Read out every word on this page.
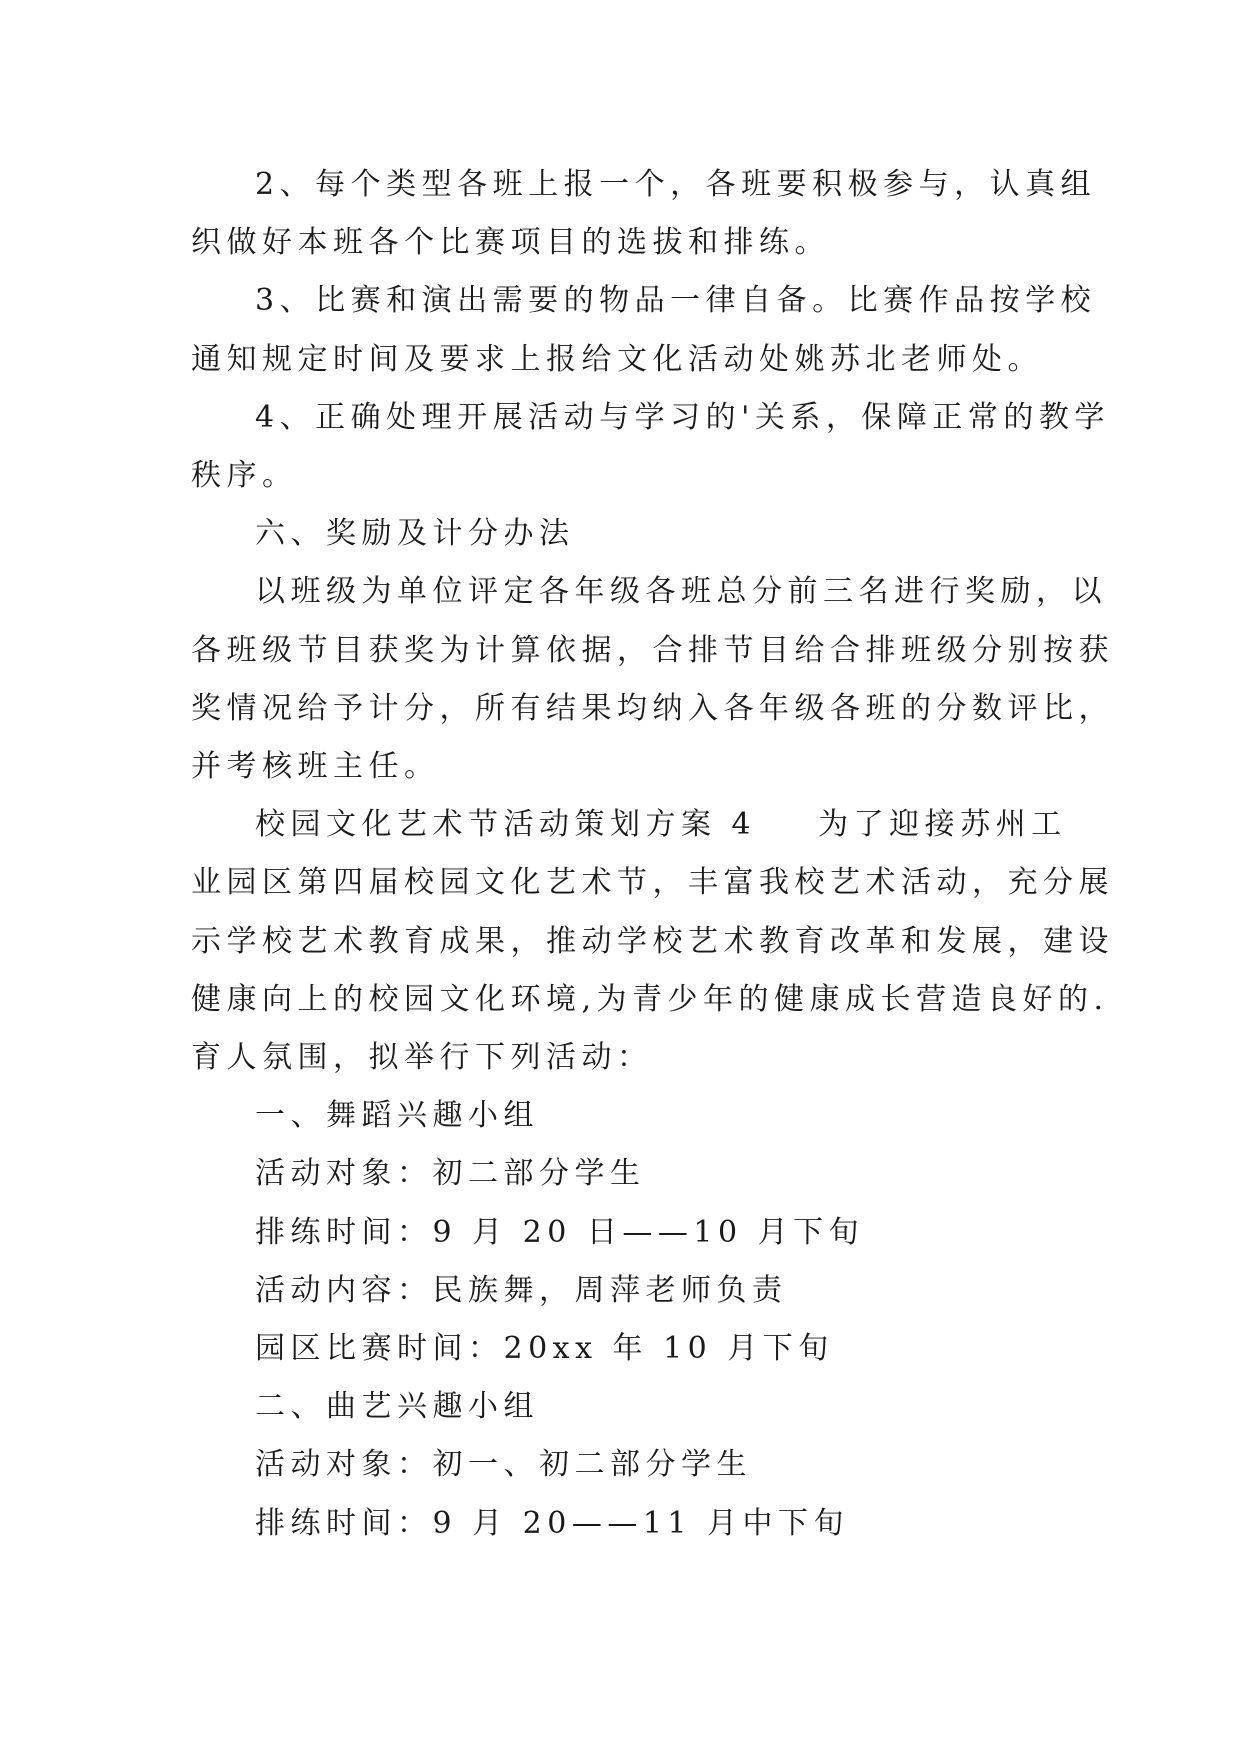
2、每个类型各班上报一个，各班要积极参与，认真组
织做好本班各个比赛项目的选拔和排练。

3、比赛和演出需要的物品一律自备。比赛作品按学校
通知规定时间及要求上报给文化活动处姚苏北老师处。

4、正确处理开展活动与学习的'关系，保障正常的教学
秩序。

六、奖励及计分办法

以班级为单位评定各年级各班总分前三名进行奖励，以
各班级节目获奖为计算依据，合排节目给合排班级分别按获
奖情况给予计分，所有结果均纳入各年级各班的分数评比，
并考核班主任。

校园文化艺术节活动策划方案 4 为了迎接苏州工
业园区第四届校园文化艺术节，丰富我校艺术活动，充分展
示学校艺术教育成果，推动学校艺术教育改革和发展，建设
健康向上的校园文化环境,为青少年的健康成长营造良好的.
育人氛围，拟举行下列活动：

一、舞蹈兴趣小组

活动对象：初二部分学生

排练时间：9 月 20 日——10 月下旬

活动内容：民族舞，周萍老师负责

园区比赛时间：20xx 年 10 月下旬

二、曲艺兴趣小组

活动对象：初一、初二部分学生

排练时间：9 月 20——11 月中下旬
